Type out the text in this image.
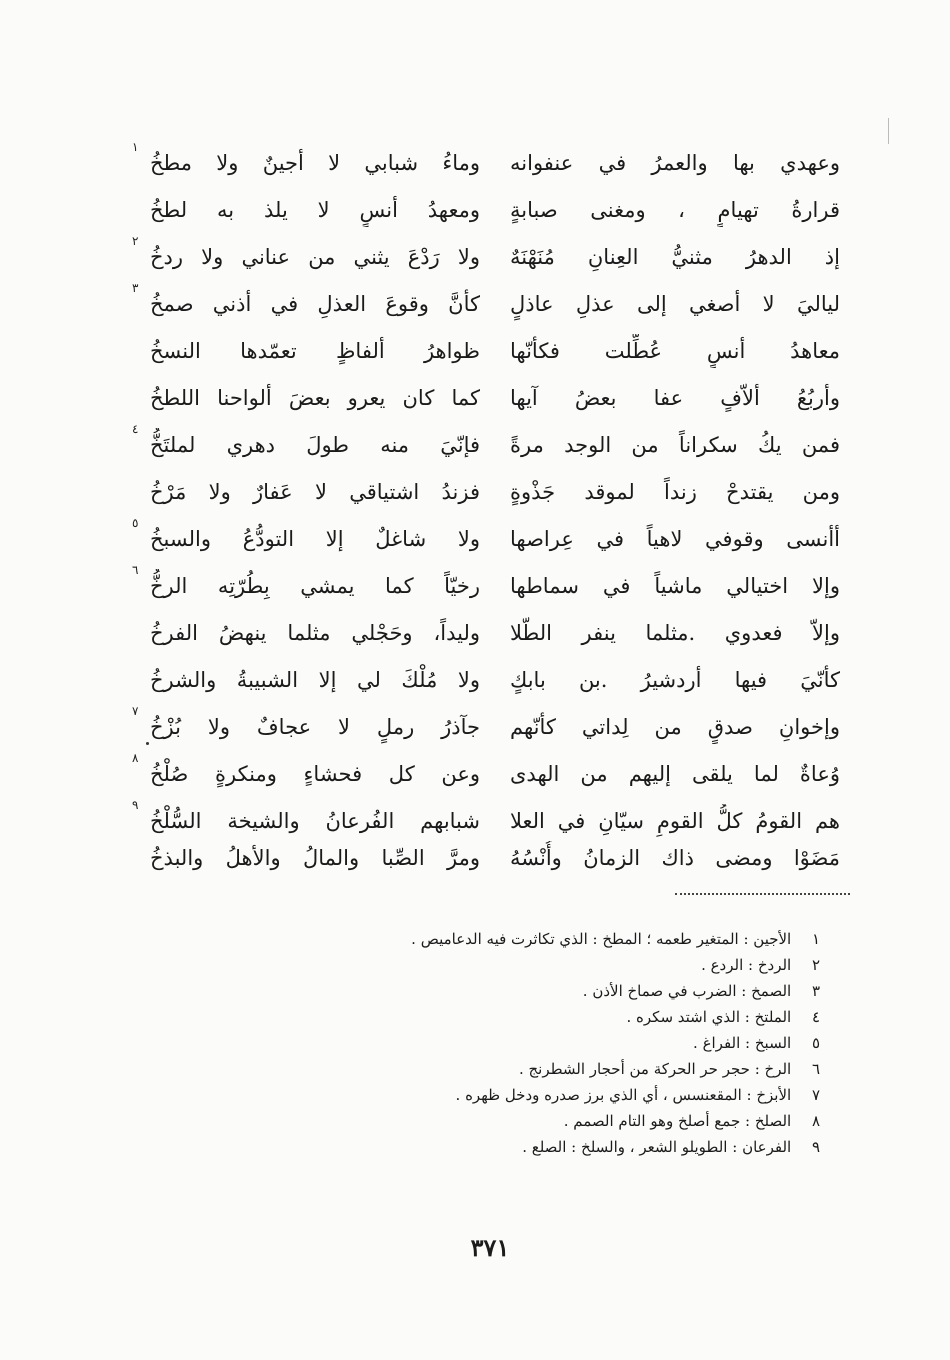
وعهدي بها والعمرُ في عنفوانه
وماءُ شبابي لا أجينٌ ولا مطخُ
١
قرارةُ تهيامٍ ، ومغنى صبابةٍ
ومعهدُ أنسٍ لا يلذ به لطخُ
إذ الدهرُ مثنيُّ العِنانِ مُنَهْنَهٌ
ولا رَدْعَ يثني من عناني ولا ردخُ
٢
لياليَ لا أصغي إلى عذلِ عاذلٍ
كأنَّ وقوعَ العذلِ في أذني صمخُ
٣
معاهدُ أنسٍ عُطِّلت فكأنّها
ظواهرُ ألفاظٍ تعمّدها النسخُ
وأربُعُ ألاّفٍ عفا بعضُ آيها
كما كان يعرو بعضَ ألواحنا اللطخُ
فمن يكُ سكراناً من الوجد مرةً
فإنّيَ منه طولَ دهري لملتَخُّ
٤
ومن يقتدحْ زنداً لموقد جَذْوةٍ
فزندُ اشتياقي لا عَفارٌ ولا مَرْخُ
أأنسى وقوفي لاهياً في عِراصها
ولا شاغلٌ إلا التودُّعُ والسبخُ
٥
وإلا اختيالي ماشياً في سماطها
رخيّاً كما يمشي بِطُرّتِه الرخُّ
٦
وإلاّ فعدوي .مثلما ينفر الطّلا
وليداً، وحَجْلي مثلما ينهضُ الفرخُ
كأنّيَ فيها أردشيرُ .بن بابكٍ
ولا مُلْكَ لي إلا الشبيبةُ والشرخُ
وإخوانِ صدقٍ من لِداتي كأنّهم
جآذرُ رملٍ لا عجافٌ ولا بُزْخُ
٧
وُعاةٌ لما يلقى إليهم من الهدى
وعن كل فحشاءٍ ومنكرةٍ صُلْخُ
٨
هم القومُ كلُّ القومِ سيّانِ في العلا
شبابهم الفُرعانُ والشيخة السُّلْخُ
٩
مَضَوْا ومضى ذاك الزمانُ وأُنْسُهُ
ومرَّ الصِّبا والمالُ والأهلُ والبذخُ
١ الأجين : المتغير طعمه ؛ المطخ : الذي تكاثرت فيه الدعاميص .
٢ الردخ : الردع .
٣ الصمخ : الضرب في صماخ الأذن .
٤ الملتخ : الذي اشتد سكره .
٥ السبخ : الفراغ .
٦ الرخ : حجر حر الحركة من أحجار الشطرنج .
٧ الأبزخ : المقعنسس ، أي الذي برز صدره ودخل ظهره .
٨ الصلخ : جمع أصلخ وهو التام الصمم .
٩ الفرعان : الطويلو الشعر ، والسلخ : الصلع .
٣٧١
